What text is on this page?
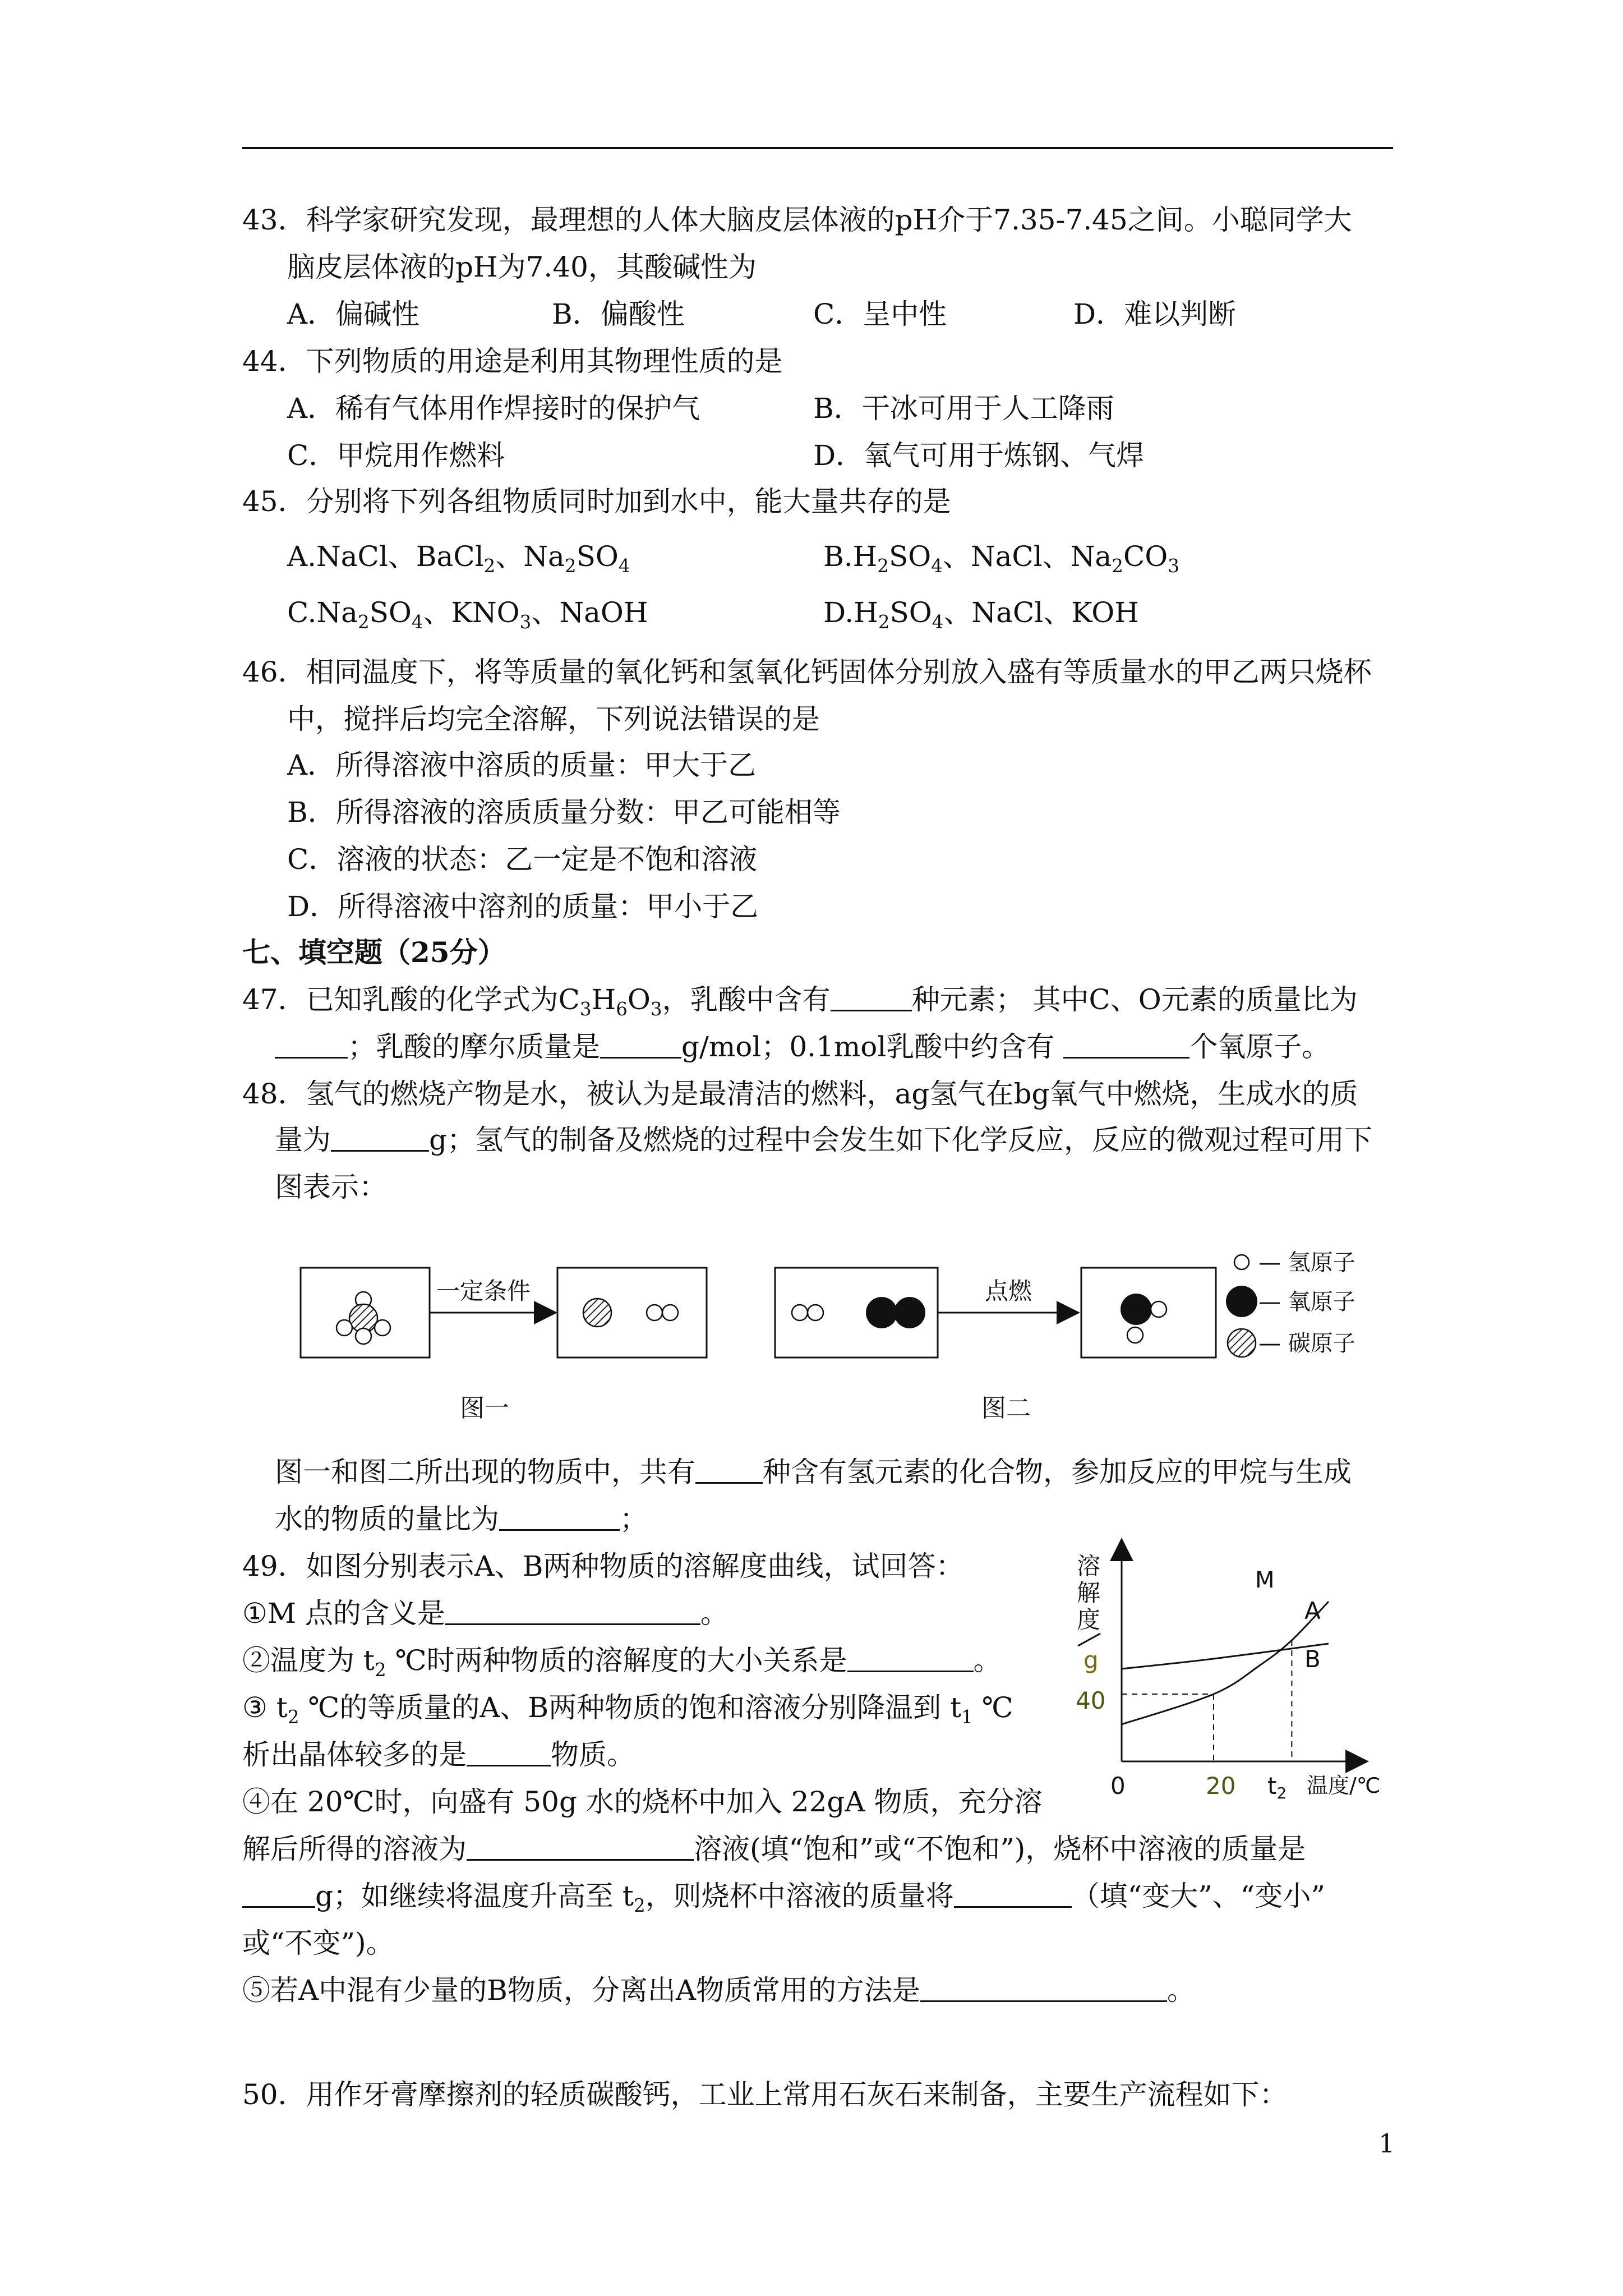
43．科学家研究发现，最理想的人体大脑皮层体液的pH介于7.35-7.45之间。小聪同学大
脑皮层体液的pH为7.40，其酸碱性为
A．偏碱性	B．偏酸性	C．呈中性	D．难以判断
44．下列物质的用途是利用其物理性质的是
A．稀有气体用作焊接时的保护气	B．干冰可用于人工降雨
C．甲烷用作燃料	D．氧气可用于炼钢、气焊
45．分别将下列各组物质同时加到水中，能大量共存的是
A.NaCl、BaCl$_2$、$Na_2SO_4$	$B.H_2SO_4$、NaCl、$Na_2CO_3$
$C.Na_2SO_4$、$KNO_3$、NaOH	$D.H_2SO_4$、NaCl、KOH
46．相同温度下，将等质量的氧化钙和氢氧化钙固体分别放入盛有等质量水的甲乙两只烧杯
中，搅拌后均完全溶解，下列说法错误的是
A．所得溶液中溶质的质量：甲大于乙
B．所得溶液的溶质质量分数：甲乙可能相等
C．溶液的状态：乙一定是不饱和溶液
D．所得溶液中溶剂的质量：甲小于乙
七、填空题（25分）
47．已知乳酸的化学式为$C_3H_6O_3$，乳酸中含有	种元素； 其中C、O元素的质量比为
；乳酸的摩尔质量是	g/mol；0.1mol乳酸中约含有	个氧原子。
48．氢气的燃烧产物是水，被认为是最清洁的燃料，ag氢气在bg氧气中燃烧，生成水的质
量为	g；氢气的制备及燃烧的过程中会发生如下化学反应，反应的微观过程可用下
图表示：
一定条件
图一
点燃
图二
— 氢原子
— 氧原子
— 碳原子
图一和图二所出现的物质中，共有 种含有氢元素的化合物，参加反应的甲烷与生成
水的物质的量比为	；
49．如图分别表示A、B两种物质的溶解度曲线，试回答：
①M 点的含义是	。
②温度为 $t_2$ ℃时两种物质的溶解度的大小关系是	。
③ $t_2$ ℃的等质量的A、B两种物质的饱和溶液分别降温到 $t_1$ ℃
析出晶体较多的是	物质。
④在 20℃时，向盛有 50g 水的烧杯中加入 22gA 物质，充分溶
解后所得的溶液为	溶液(填“饱和”或“不饱和”)，烧杯中溶液的质量是
g；如继续将温度升高至 $t_2$，则烧杯中溶液的质量将	（填“变大”、“变小”
或“不变”)。
⑤若A中混有少量的B物质，分离出A物质常用的方法是	。
溶
解
度
g
40
0	20 t2 温度/℃
M
A
B
50．用作牙膏摩擦剂的轻质碳酸钙，工业上常用石灰石来制备，主要生产流程如下：
1
